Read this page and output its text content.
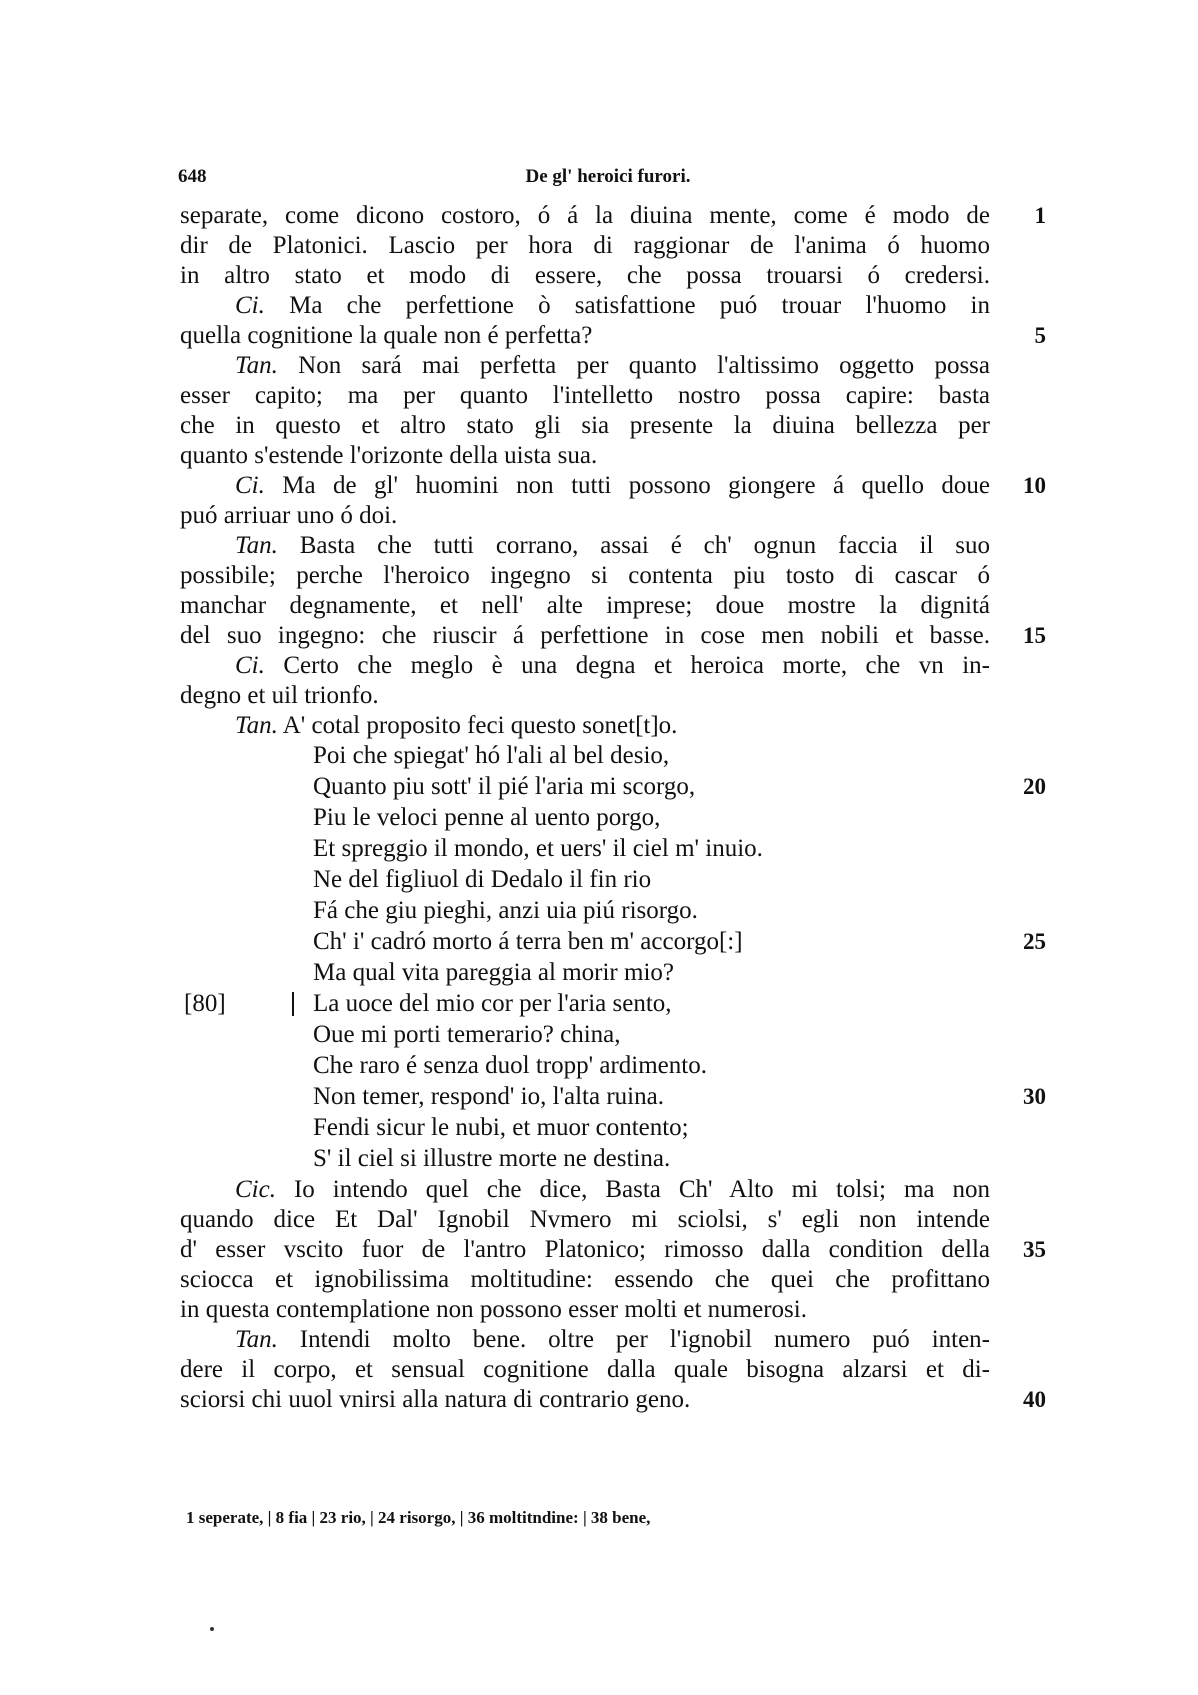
648	De gl' heroici furori.
separate, come dicono costoro, ó á la diuina mente, come é modo de	1
dir de Platonici. Lascio per hora di raggionar de l'anima ó huomo
in altro stato et modo di essere, che possa trouarsi ó credersi.
Ci. Ma che perfettione ò satisfattione puó trouar l'huomo in
quella cognitione la quale non é perfetta?	5
Tan. Non sará mai perfetta per quanto l'altissimo oggetto possa
esser capito; ma per quanto l'intelletto nostro possa capire: basta
che in questo et altro stato gli sia presente la diuina bellezza per
quanto s'estende l'orizonte della uista sua.
Ci. Ma de gl' huomini non tutti possono giongere á quello doue	10
puó arriuar uno ó doi.
Tan. Basta che tutti corrano, assai é ch' ognun faccia il suo
possibile; perche l'heroico ingegno si contenta piu tosto di cascar ó
manchar degnamente, et nell' alte imprese; doue mostre la dignitá
del suo ingegno: che riuscir á perfettione in cose men nobili et basse.	15
Ci. Certo che meglo è una degna et heroica morte, che vn in-
degno et uil trionfo.
Tan. A' cotal proposito feci questo sonet[t]o.
Poi che spiegat' hó l'ali al bel desio,
Quanto piu sott' il pié l'aria mi scorgo,	20
Piu le veloci penne al uento porgo,
Et spreggio il mondo, et uers' il ciel m' inuio.
Ne del figliuol di Dedalo il fin rio
Fá che giu pieghi, anzi uia piú risorgo.
Ch' i' cadró morto á terra ben m' accorgo[:]	25
Ma qual vita pareggia al morir mio?
[80]	La uoce del mio cor per l'aria sento,
Oue mi porti temerario? china,
Che raro é senza duol tropp' ardimento.
Non temer, respond' io, l'alta ruina.	30
Fendi sicur le nubi, et muor contento;
S' il ciel si illustre morte ne destina.
Cic. Io intendo quel che dice, Basta Ch' Alto mi tolsi; ma non
quando dice Et Dal' Ignobil Nvmero mi sciolsi, s' egli non intende
d' esser vscito fuor de l'antro Platonico; rimosso dalla condition della	35
sciocca et ignobilissima moltitudine: essendo che quei che profittano
in questa contemplatione non possono esser molti et numerosi.
Tan. Intendi molto bene. oltre per l'ignobil numero puó inten-
dere il corpo, et sensual cognitione dalla quale bisogna alzarsi et di-
sciorsi chi uuol vnirsi alla natura di contrario geno.	40
1 seperate, | 8 fia | 23 rio, | 24 risorgo, | 36 moltitndine: | 38 bene,
